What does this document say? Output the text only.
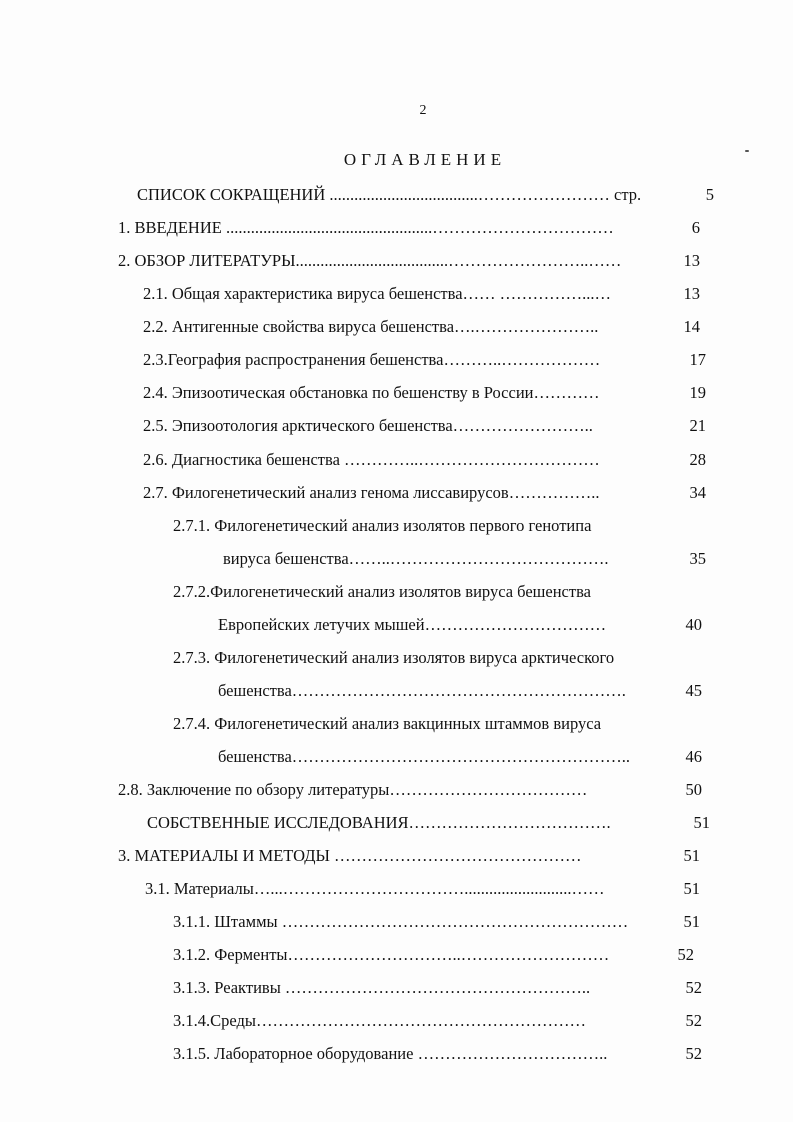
2
ОГЛАВЛЕНИЕ
СПИСОК СОКРАЩЕНИЙ ....................................…………………… стр.	5
1. ВВЕДЕНИЕ ..................................................……………………………	6
2. ОБЗОР ЛИТЕРАТУРЫ.....................................……………………..……	13
2.1. Общая характеристика вируса бешенства…… ……………...…	13
2.2. Антигенные свойства вируса бешенства….…………………..	14
2.3.География распространения бешенства………..………………	17
2.4. Эпизоотическая обстановка по бешенству в России…………	19
2.5. Эпизоотология арктического бешенства……………………..	21
2.6. Диагностика бешенства …………..……………………………	28
2.7. Филогенетический анализ генома лиссавирусов……………..	34
2.7.1. Филогенетический анализ изолятов первого генотипа
вируса бешенства……..………………………………….	35
2.7.2.Филогенетический анализ изолятов вируса бешенства
Европейских летучих мышей……………………………	40
2.7.3. Филогенетический анализ изолятов вируса арктического
бешенства…………………………………………………….	45
2.7.4. Филогенетический анализ вакцинных штаммов вируса
бешенства……………………………………………………..	46
2.8. Заключение по обзору литературы………………………………	50
СОБСТВЕННЫЕ ИССЛЕДОВАНИЯ……………………………….	51
3. МАТЕРИАЛЫ И МЕТОДЫ ………………………………………	51
3.1. Материалы…...……………………………..........................……	51
3.1.1. Штаммы ………………………………………………………	51
3.1.2. Ферменты…………………………..………………………	52
3.1.3. Реактивы ………………………………………………..	52
3.1.4.Среды……………………………………………………	52
3.1.5. Лабораторное оборудование ……………………………..	52
